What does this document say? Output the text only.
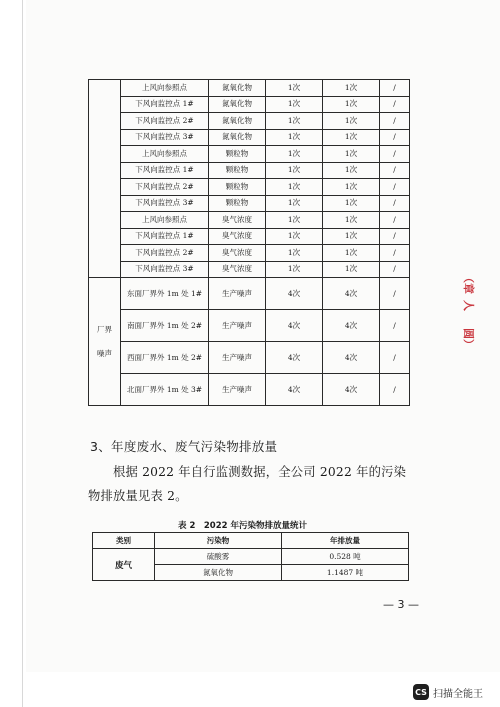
	上风向参照点	氮氧化物	1次	1次	/
	下风向监控点 1#	氮氧化物	1次	1次	/
	下风向监控点 2#	氮氧化物	1次	1次	/
	下风向监控点 3#	氮氧化物	1次	1次	/
	上风向参照点	颗粒物	1次	1次	/
	下风向监控点 1#	颗粒物	1次	1次	/
	下风向监控点 2#	颗粒物	1次	1次	/
	下风向监控点 3#	颗粒物	1次	1次	/
	上风向参照点	臭气浓度	1次	1次	/
	下风向监控点 1#	臭气浓度	1次	1次	/
	下风向监控点 2#	臭气浓度	1次	1次	/
	下风向监控点 3#	臭气浓度	1次	1次	/
厂界噪声	东面厂界外 1m 处 1#	生产噪声	4次	4次	/
	南面厂界外 1m 处 2#	生产噪声	4次	4次	/
	西面厂界外 1m 处 2#	生产噪声	4次	4次	/
	北面厂界外 1m 处 3#	生产噪声	4次	4次	/
3、年度废水、废气污染物排放量
根据 2022 年自行监测数据，全公司 2022 年的污染物排放量见表 2。
表 2　2022 年污染物排放量统计
类别	污染物	年排放量
废气	硫酸雾	0.528 吨
	氮氧化物	1.1487 吨
— 3 —
（章
人
圆）
CS 扫描全能王
